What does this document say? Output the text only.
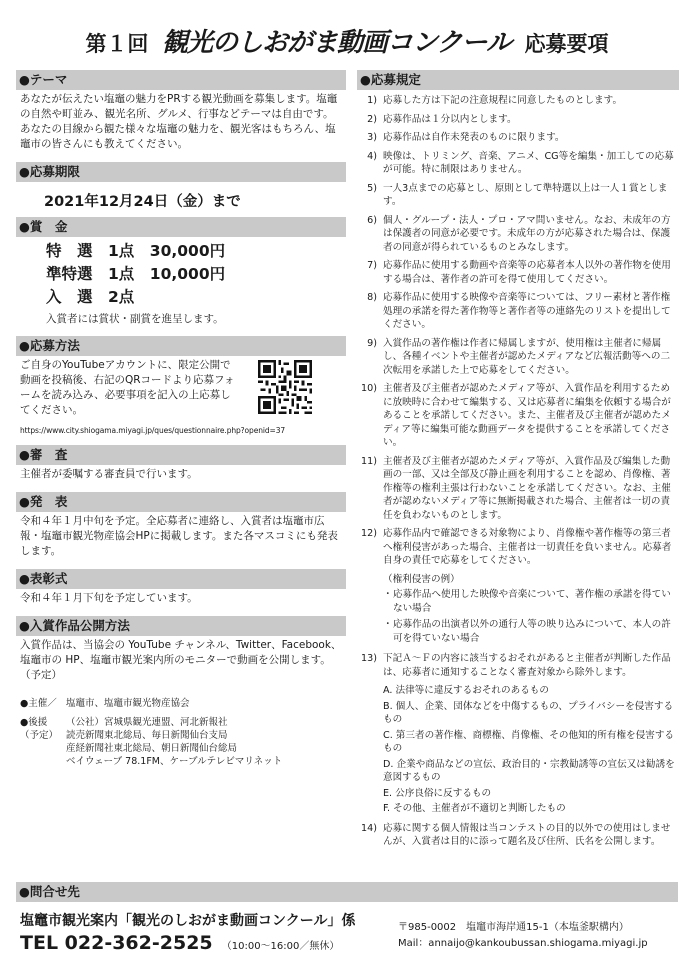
第１回 観光のしおがま動画コンクール 応募要項
●テーマ
あなたが伝えたい塩竈の魅力をPRする観光動画を募集します。塩竈の自然や町並み、観光名所、グルメ、行事などテーマは自由です。あなたの目線から観た様々な塩竈の魅力を、観光客はもちろん、塩竈市の皆さんにも教えてください。
●応募期限
2021年12月24日（金）まで
●賞　金
特　選　1点　30,000円
準特選　1点　10,000円
入　選　2点
入賞者には賞状・副賞を進呈します。
●応募方法
ご自身のYouTubeアカウントに、限定公開で動画を投稿後、右記のQRコードより応募フォームを読み込み、必要事項を記入の上応募してください。
https://www.city.shiogama.miyagi.jp/ques/questionnaire.php?openid=37
●審　査
主催者が委嘱する審査員で行います。
●発　表
令和４年１月中旬を予定。全応募者に連絡し、入賞者は塩竈市広報・塩竈市観光物産協会HPに掲載します。また各マスコミにも発表します。
●表彰式
令和４年１月下旬を予定しています。
●入賞作品公開方法
入賞作品は、当協会の YouTube チャンネル、Twitter、Facebook、塩竈市の HP、塩竈市観光案内所のモニターで動画を公開します。（予定）
●主催／ 塩竈市、塩竈市観光物産協会
●後援（予定）
（公社）宮城県観光連盟、河北新報社
読売新聞東北総局、毎日新聞仙台支局
産経新聞社東北総局、朝日新聞仙台総局
ベイウェーブ 78.1FM、ケーブルテレビマリネット
●応募規定
1) 応募した方は下記の注意規程に同意したものとします。
2) 応募作品は１分以内とします。
3) 応募作品は自作未発表のものに限ります。
4) 映像は、トリミング、音楽、アニメ、CG等を編集・加工しての応募が可能。特に制限はありません。
5) 一人3点までの応募とし、原則として準特選以上は一人１賞とします。
6) 個人・グループ・法人・プロ・アマ問いません。なお、未成年の方は保護者の同意が必要です。未成年の方が応募された場合は、保護者の同意が得られているものとみなします。
7) 応募作品に使用する動画や音楽等の応募者本人以外の著作物を使用する場合は、著作者の許可を得て使用してください。
8) 応募作品に使用する映像や音楽等については、フリー素材と著作権処理の承諾を得た著作物等と著作者等の連絡先のリストを提出してください。
9) 入賞作品の著作権は作者に帰属しますが、使用権は主催者に帰属し、各種イベントや主催者が認めたメディアなど広報活動等への二次転用を承諾した上で応募をしてください。
10) 主催者及び主催者が認めたメディア等が、入賞作品を利用するために放映時に合わせて編集する、又は応募者に編集を依頼する場合があることを承諾してください。また、主催者及び主催者が認めたメディア等に編集可能な動画データを提供することを承諾してください。
11) 主催者及び主催者が認めたメディア等が、入賞作品及び編集した動画の一部、又は全部及び静止画を利用することを認め、肖像権、著作権等の権利主張は行わないことを承諾してください。なお、主催者が認めないメディア等に無断掲載された場合、主催者は一切の責任を負わないものとします。
12) 応募作品内で確認できる対象物により、肖像権や著作権等の第三者へ権利侵害があった場合、主催者は一切責任を負いません。応募者自身の責任で応募をしてください。
（権利侵害の例）
・ 応募作品へ使用した映像や音楽について、著作権の承諾を得ていない場合
・ 応募作品の出演者以外の通行人等の映り込みについて、本人の許可を得ていない場合
13) 下記Ａ〜Ｆの内容に該当するおそれがあると主催者が判断した作品は、応募者に通知することなく審査対象から除外します。
A. 法律等に違反するおそれのあるもの
B. 個人、企業、団体などを中傷するもの、プライバシーを侵害するもの
C. 第三者の著作権、商標権、肖像権、その他知的所有権を侵害するもの
D. 企業や商品などの宣伝、政治目的・宗教勧誘等の宣伝又は勧誘を意図するもの
E. 公序良俗に反するもの
F. その他、主催者が不適切と判断したもの
14) 応募に関する個人情報は当コンテストの目的以外での使用はしませんが、入賞者は目的に添って題名及び住所、氏名を公開します。
●問合せ先
塩竈市観光案内「観光のしおがま動画コンクール」係
TEL 022-362-2525 （10:00〜16:00／無休）
〒985-0002　塩竈市海岸通15-1（本塩釜駅構内）
Mail：annaijo@kankoubussan.shiogama.miyagi.jp
